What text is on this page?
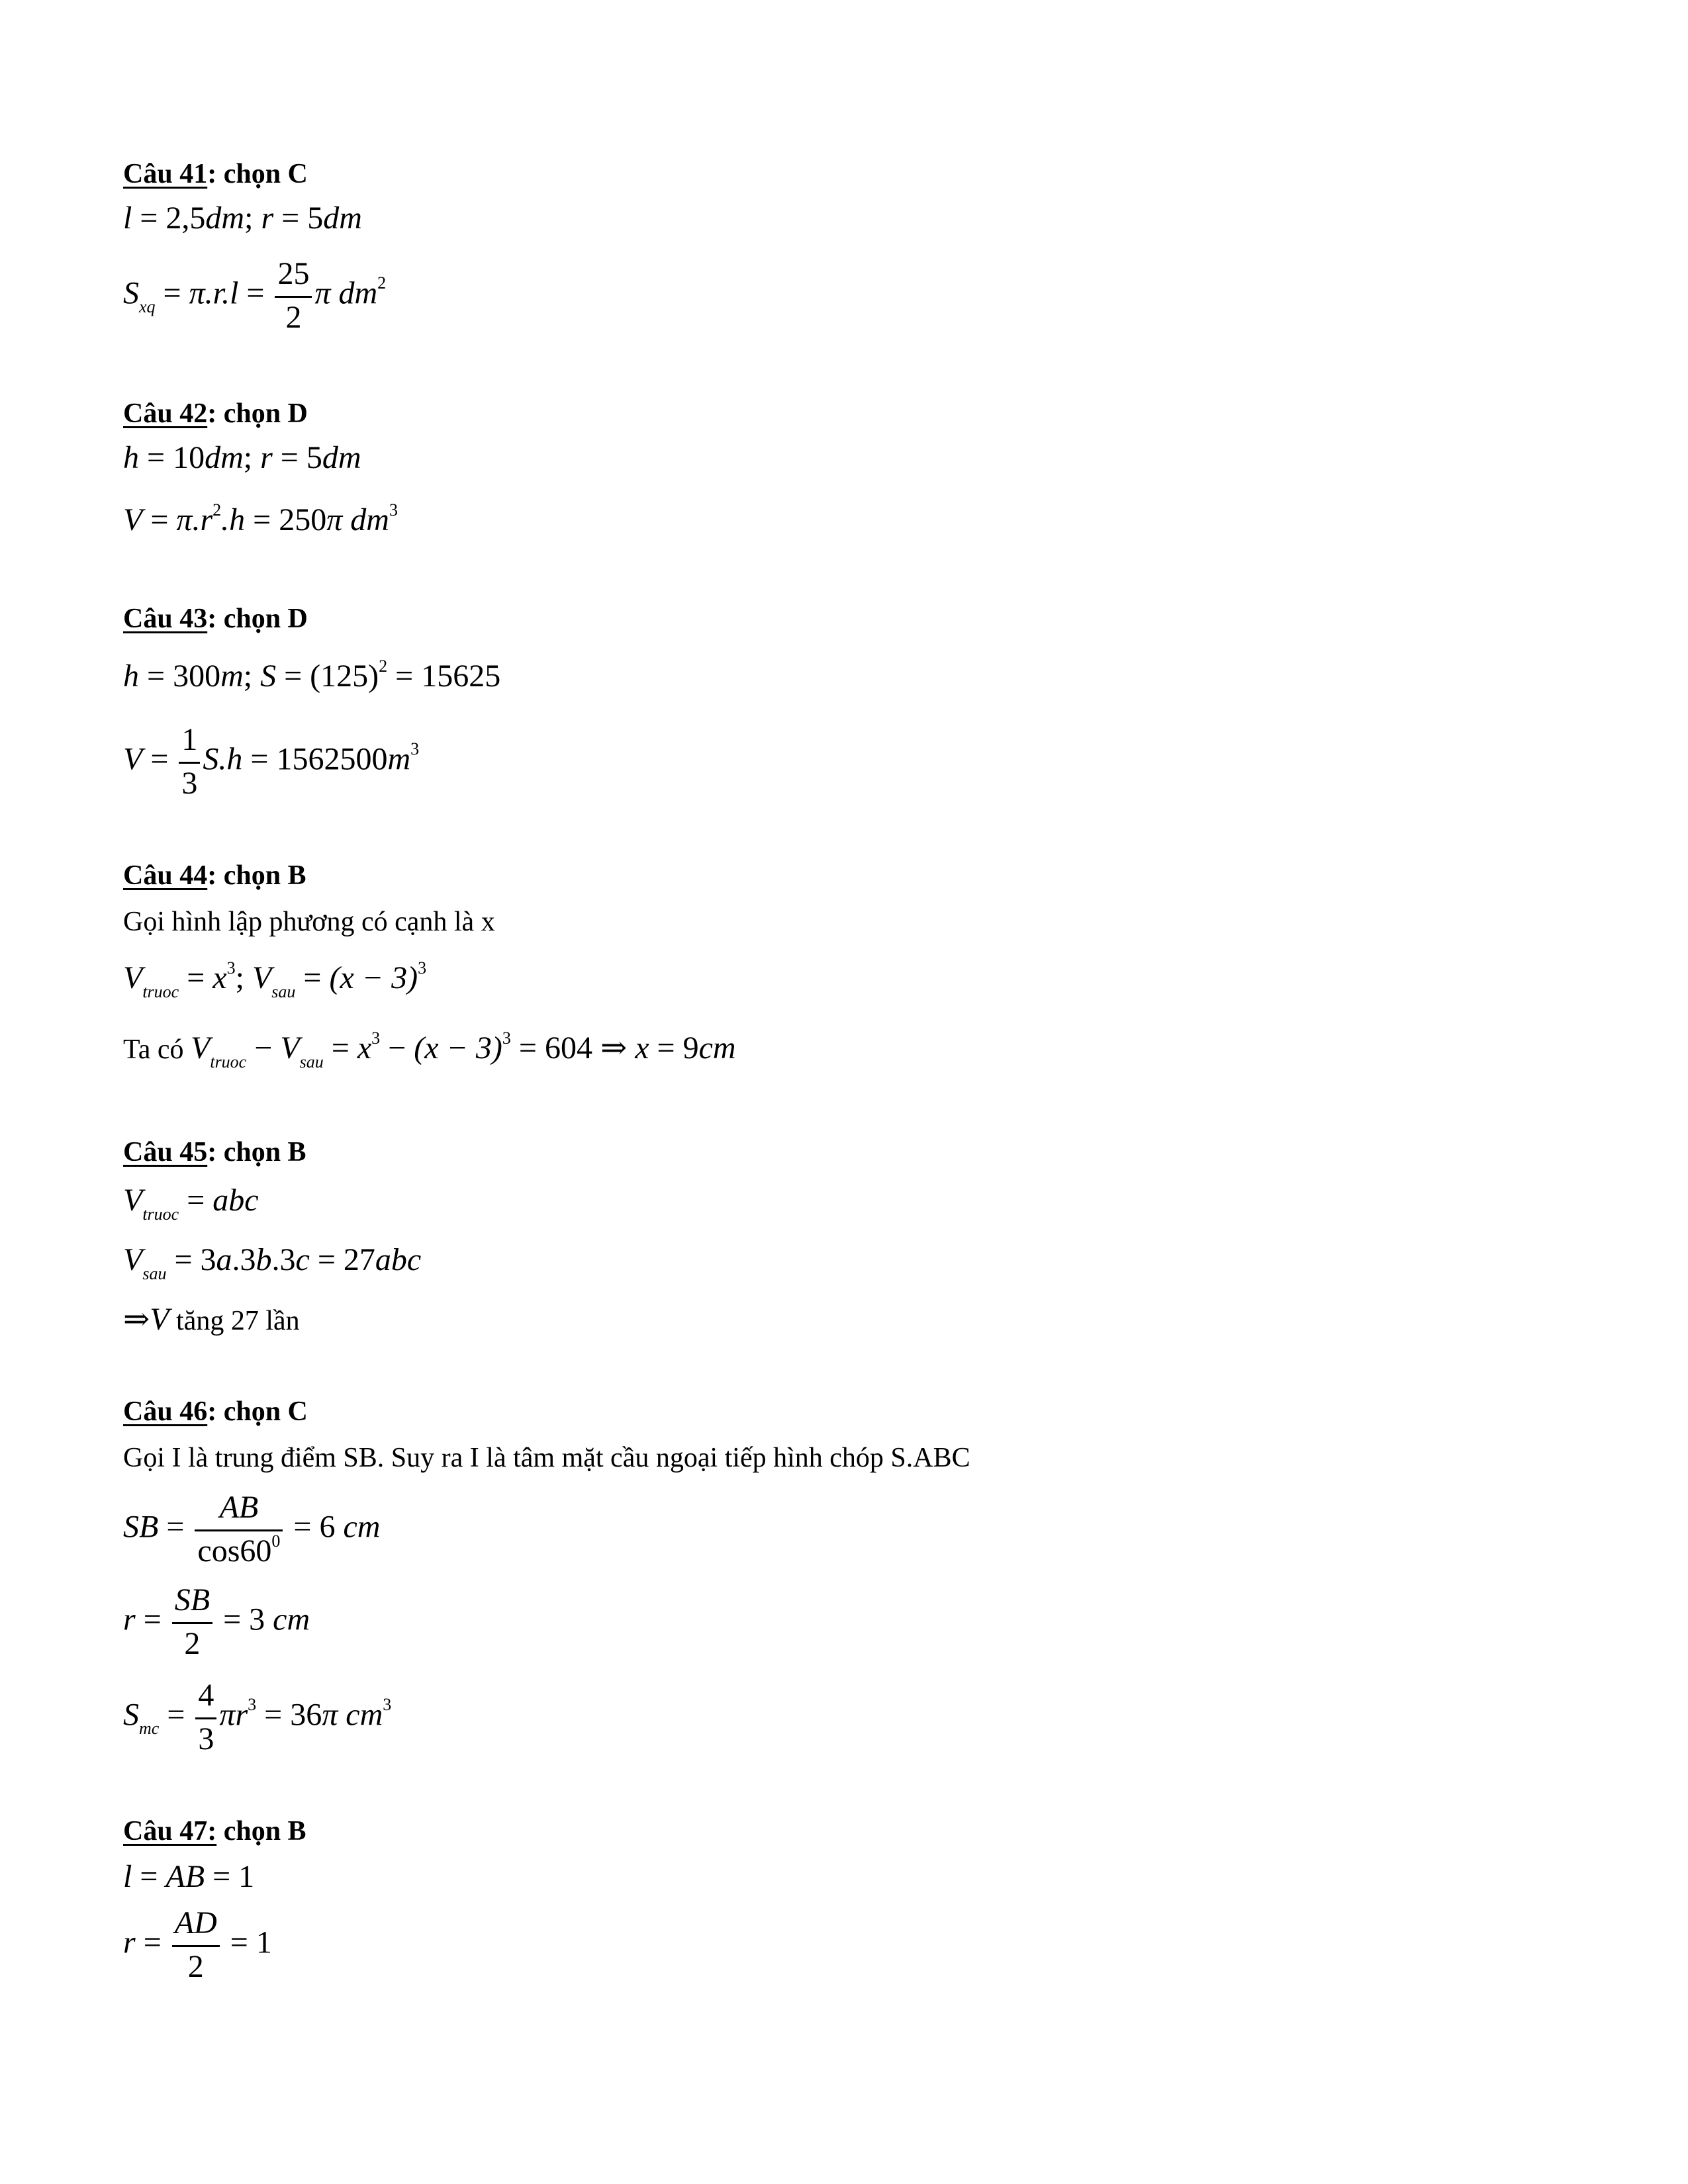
Câu 41: chọn C
l = 2,5dm; r = 5dm
$S_{xq} = \pi.r.l = \frac{25}{2}$ π $dm^2$
Câu 42: chọn D
h = 10dm; r = 5dm
$V = \pi.r^2.h = 250\pi$ $dm^3$
Câu 43: chọn D
h = 300m; $S = (125)^2 = 15625$
$V = \frac{1}{3} S.h = 1562500m^3$
Câu 44: chọn B
Gọi hình lập phương có cạnh là x
$V_{truoc} = x^3$; $V_{sau} = (x - 3)^3$
Ta có $V_{truoc} - V_{sau} = x^3 - (x - 3)^3 = 604$ ⇒ x = 9cm
Câu 45: chọn B
$V_{truoc}$ = abc
$V_{sau} = 3a.3b.3c = 27abc$
⇒V tăng 27 lần
Câu 46: chọn C
Gọi I là trung điểm SB. Suy ra I là tâm mặt cầu ngoại tiếp hình chóp S.ABC
SB = $\frac{AB}{\cos 60^0} = 6$ cm
$r = \frac{SB}{2} = 3$ cm
$S_{mc} = \frac{4}{3} \pi r^3 = 36\pi$ $cm^3$
Câu 47: chọn B
l = AB = 1
$r = \frac{AD}{2} = 1$
